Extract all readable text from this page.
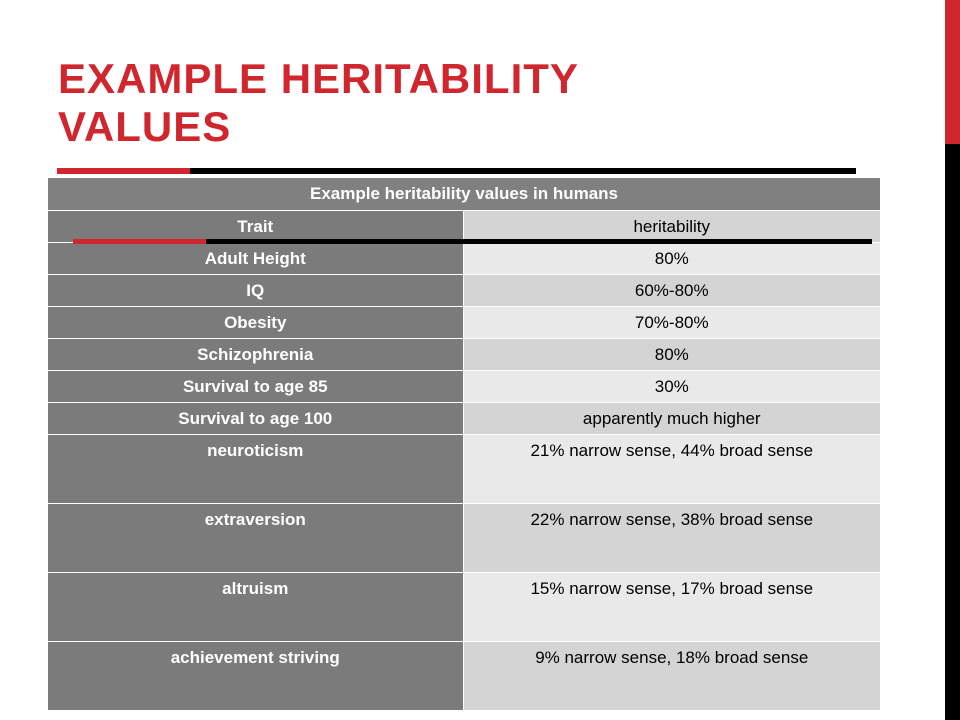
EXAMPLE HERITABILITY
VALUES
Example heritability values in humans	
Trait	heritability
Adult Height	80%
IQ	60%-80%
Obesity	70%-80%
Schizophrenia	80%
Survival to age 85	30%
Survival to age 100	apparently much higher
neuroticism	21% narrow sense, 44% broad sense
extraversion	22% narrow sense, 38% broad sense
altruism	15% narrow sense, 17% broad sense
achievement striving	9% narrow sense, 18% broad sense
